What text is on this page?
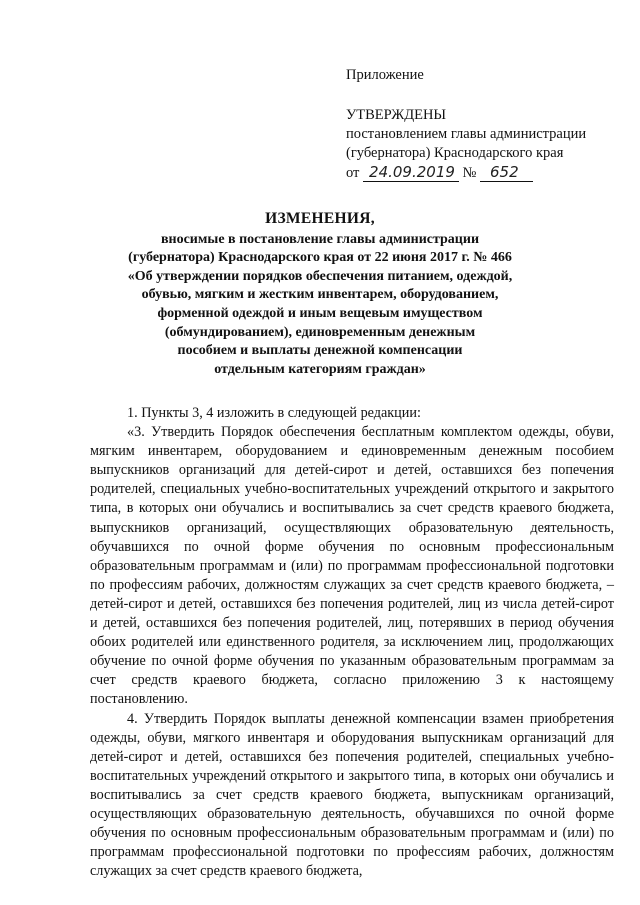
Приложение
УТВЕРЖДЕНЫ
постановлением главы администрации
(губернатора) Краснодарского края
от 24.09.2019 № 652
ИЗМЕНЕНИЯ,
вносимые в постановление главы администрации
(губернатора) Краснодарского края от 22 июня 2017 г. № 466
«Об утверждении порядков обеспечения питанием, одеждой,
обувью, мягким и жестким инвентарем, оборудованием,
форменной одеждой и иным вещевым имуществом
(обмундированием), единовременным денежным
пособием и выплаты денежной компенсации
отдельным категориям граждан»

1. Пункты 3, 4 изложить в следующей редакции:

«3. Утвердить Порядок обеспечения бесплатным комплектом одежды, обуви, мягким инвентарем, оборудованием и единовременным денежным пособием выпускников организаций для детей-сирот и детей, оставшихся без попечения родителей, специальных учебно-воспитательных учреждений открытого и закрытого типа, в которых они обучались и воспитывались за счет средств краевого бюджета, выпускников организаций, осуществляющих образовательную деятельность, обучавшихся по очной форме обучения по основным профессиональным образовательным программам и (или) по программам профессиональной подготовки по профессиям рабочих, должностям служащих за счет средств краевого бюджета, – детей-сирот и детей, оставшихся без попечения родителей, лиц из числа детей-сирот и детей, оставшихся без попечения родителей, лиц, потерявших в период обучения обоих родителей или единственного родителя, за исключением лиц, продолжающих обучение по очной форме обучения по указанным образовательным программам за счет средств краевого бюджета, согласно приложению 3 к настоящему постановлению.

4. Утвердить Порядок выплаты денежной компенсации взамен приобретения одежды, обуви, мягкого инвентаря и оборудования выпускникам организаций для детей-сирот и детей, оставшихся без попечения родителей, специальных учебно-воспитательных учреждений открытого и закрытого типа, в которых они обучались и воспитывались за счет средств краевого бюджета, выпускникам организаций, осуществляющих образовательную деятельность, обучавшихся по очной форме обучения по основным профессиональным образовательным программам и (или) по программам профессиональной подготовки по профессиям рабочих, должностям служащих за счет средств краевого бюджета,
